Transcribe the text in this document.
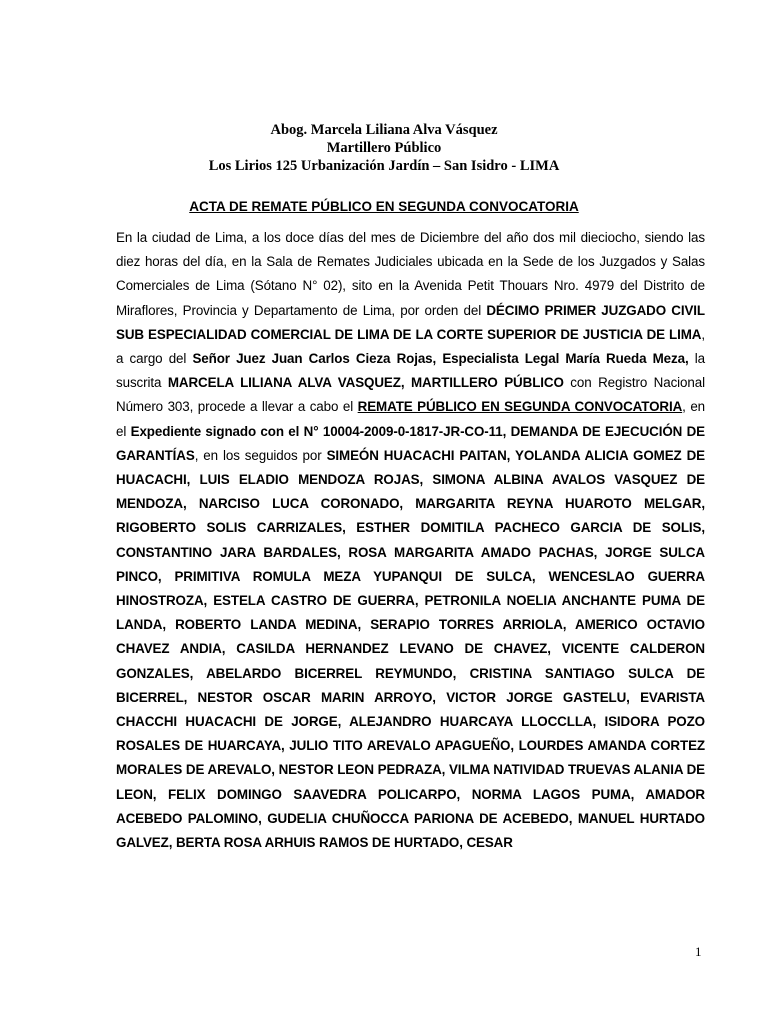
Abog. Marcela Liliana Alva Vásquez
Martillero Público
Los Lirios 125 Urbanización Jardín – San Isidro - LIMA
ACTA DE REMATE PÚBLICO EN SEGUNDA CONVOCATORIA

En la ciudad de Lima, a los doce días del mes de Diciembre del año dos mil dieciocho, siendo las diez horas del día, en la Sala de Remates Judiciales ubicada en la Sede de los Juzgados y Salas Comerciales de Lima (Sótano N° 02), sito en la Avenida Petit Thouars Nro. 4979 del Distrito de Miraflores, Provincia y Departamento de Lima, por orden del DÉCIMO PRIMER JUZGADO CIVIL SUB ESPECIALIDAD COMERCIAL DE LIMA DE LA CORTE SUPERIOR DE JUSTICIA DE LIMA, a cargo del Señor Juez Juan Carlos Cieza Rojas, Especialista Legal María Rueda Meza, la suscrita MARCELA LILIANA ALVA VASQUEZ, MARTILLERO PÚBLICO con Registro Nacional Número 303, procede a llevar a cabo el REMATE PÚBLICO EN SEGUNDA CONVOCATORIA, en el Expediente signado con el N° 10004-2009-0-1817-JR-CO-11, DEMANDA DE EJECUCIÓN DE GARANTÍAS, en los seguidos por SIMEÓN HUACACHI PAITAN, YOLANDA ALICIA GOMEZ DE HUACACHI, LUIS ELADIO MENDOZA ROJAS, SIMONA ALBINA AVALOS VASQUEZ DE MENDOZA, NARCISO LUCA CORONADO, MARGARITA REYNA HUAROTO MELGAR, RIGOBERTO SOLIS CARRIZALES, ESTHER DOMITILA PACHECO GARCIA DE SOLIS, CONSTANTINO JARA BARDALES, ROSA MARGARITA AMADO PACHAS, JORGE SULCA PINCO, PRIMITIVA ROMULA MEZA YUPANQUI DE SULCA, WENCESLAO GUERRA HINOSTROZA, ESTELA CASTRO DE GUERRA, PETRONILA NOELIA ANCHANTE PUMA DE LANDA, ROBERTO LANDA MEDINA, SERAPIO TORRES ARRIOLA, AMERICO OCTAVIO CHAVEZ ANDIA, CASILDA HERNANDEZ LEVANO DE CHAVEZ, VICENTE CALDERON GONZALES, ABELARDO BICERREL REYMUNDO, CRISTINA SANTIAGO SULCA DE BICERREL, NESTOR OSCAR MARIN ARROYO, VICTOR JORGE GASTELU, EVARISTA CHACCHI HUACACHI DE JORGE, ALEJANDRO HUARCAYA LLOCCLLA, ISIDORA POZO ROSALES DE HUARCAYA, JULIO TITO AREVALO APAGUEÑO, LOURDES AMANDA CORTEZ MORALES DE AREVALO, NESTOR LEON PEDRAZA, VILMA NATIVIDAD TRUEVAS ALANIA DE LEON, FELIX DOMINGO SAAVEDRA POLICARPO, NORMA LAGOS PUMA, AMADOR ACEBEDO PALOMINO, GUDELIA CHUÑOCCA PARIONA DE ACEBEDO, MANUEL HURTADO GALVEZ, BERTA ROSA ARHUIS RAMOS DE HURTADO, CESAR

1
